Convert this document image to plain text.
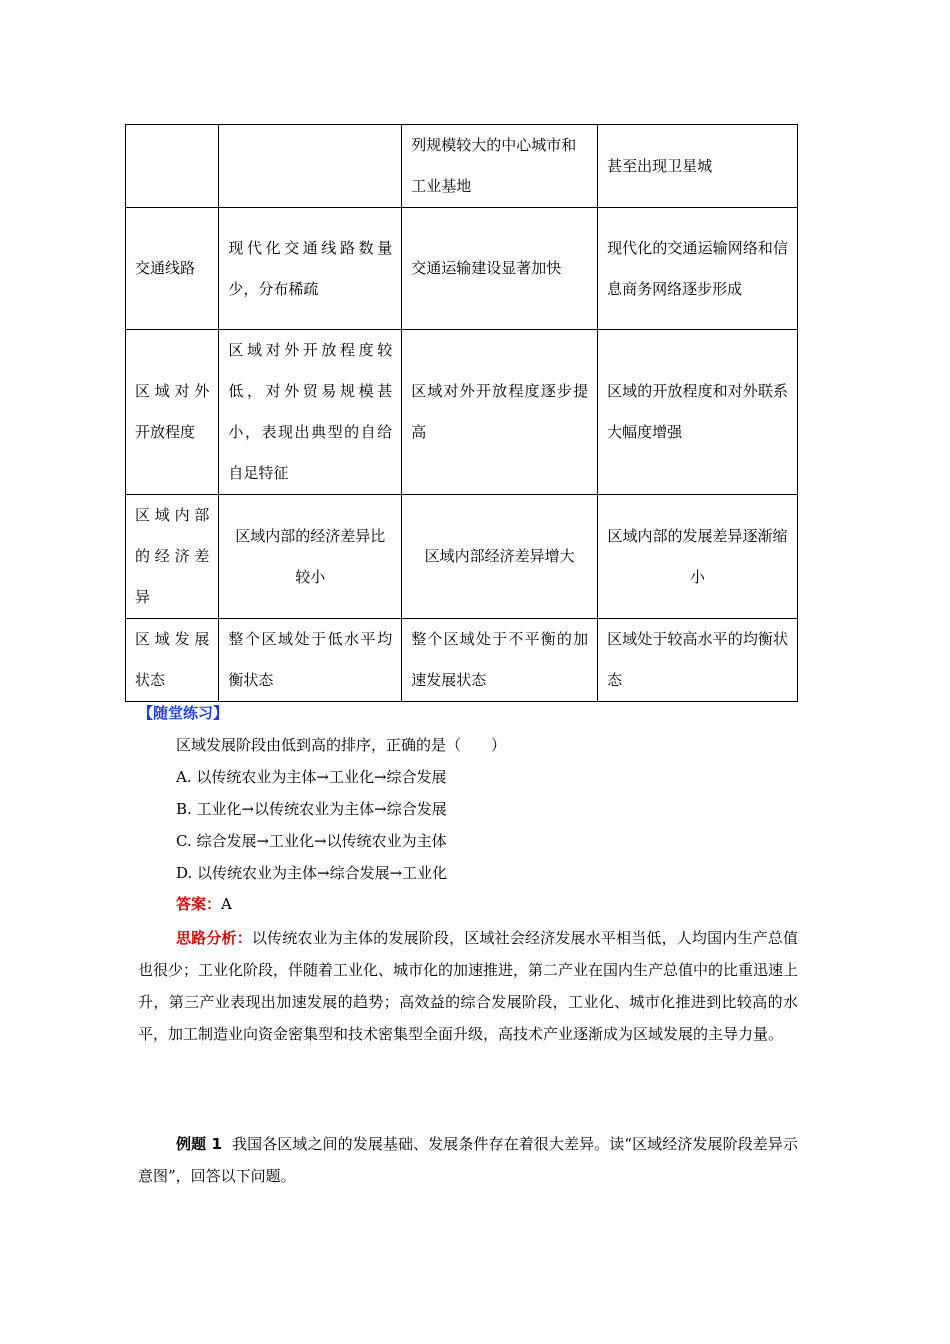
		列规模较大的中心城市和工业基地	甚至出现卫星城
交通线路	现代化交通线路数量少，分布稀疏	交通运输建设显著加快	现代化的交通运输网络和信息商务网络逐步形成
区域对外开放程度	区域对外开放程度较低，对外贸易规模甚小，表现出典型的自给自足特征	区域对外开放程度逐步提高	区域的开放程度和对外联系大幅度增强
区域内部的经济差异	区域内部的经济差异比较小	区域内部经济差异增大	区域内部的发展差异逐渐缩小
区域发展状态	整个区域处于低水平均衡状态	整个区域处于不平衡的加速发展状态	区域处于较高水平的均衡状态
【随堂练习】
区域发展阶段由低到高的排序，正确的是（　　）
A. 以传统农业为主体→工业化→综合发展
B. 工业化→以传统农业为主体→综合发展
C. 综合发展→工业化→以传统农业为主体
D. 以传统农业为主体→综合发展→工业化
答案：A
思路分析：以传统农业为主体的发展阶段，区域社会经济发展水平相当低，人均国内生产总值也很少；工业化阶段，伴随着工业化、城市化的加速推进，第二产业在国内生产总值中的比重迅速上升，第三产业表现出加速发展的趋势；高效益的综合发展阶段，工业化、城市化推进到比较高的水平，加工制造业向资金密集型和技术密集型全面升级，高技术产业逐渐成为区域发展的主导力量。
例题 1 我国各区域之间的发展基础、发展条件存在着很大差异。读“区域经济发展阶段差异示意图”，回答以下问题。
